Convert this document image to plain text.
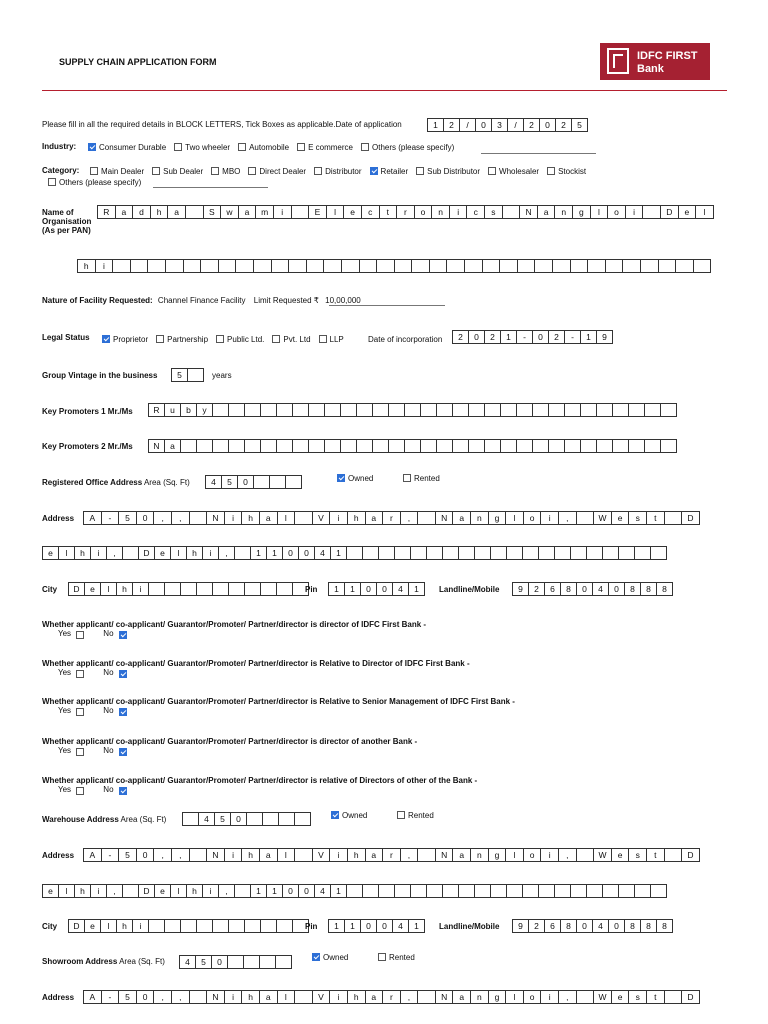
SUPPLY CHAIN APPLICATION FORM	IDFC FIRST
Bank
Please fill in all the required details in BLOCK LETTERS, Tick Boxes as applicable.Date of application	1	2	/	0	3	/	2	0	2	5
Industry:	Consumer Durable Two wheeler Automobile E commerce Others (please specify)
Category:	Main Dealer Sub Dealer MBO Direct Dealer Distributor Retailer Sub Distributor Wholesaler Stockist
Others (please specify)
Name of
Organisation
(As per PAN)
R	a	d	h	a	S	w	a	m	i	E	l	e	c	t	r	o	n	i	c	s	N	a	n	g	l	o	i	D	e	l
h	i
Nature of Facility Requested: Channel Finance Facility Limit Requested ₹ 10,00,000
Legal Status	Proprietor Partnership Public Ltd. Pvt. Ltd LLP	Date of incorporation	2	0	2	1	-	0	2	-	1	9
Group Vintage in the business	5	years
Key Promoters 1 Mr./Ms	R	u	b	y
Key Promoters 2 Mr./Ms	N	a
Registered Office Address Area (Sq. Ft)	4	5	0	Owned	Rented
Address	A	-	5	0	,	,	N	i	h	a	l	V	i	h	a	r	,	N	a	n	g	l	o	i	,	W	e	s	t	D
e	l	h	i	,	D	e	l	h	i	,	1	1	0	0	4	1
City	D	e	l	h	i	Pin	1	1	0	0	4	1	Landline/Mobile	9	2	6	8	0	4	0	8	8	8
Whether applicant/ co-applicant/ Guarantor/Promoter/ Partner/director is director of IDFC First Bank -
Yes	No
Whether applicant/ co-applicant/ Guarantor/Promoter/ Partner/director is Relative to Director of IDFC First Bank -
Yes	No
Whether applicant/ co-applicant/ Guarantor/Promoter/ Partner/director is Relative to Senior Management of IDFC First Bank -
Yes	No
Whether applicant/ co-applicant/ Guarantor/Promoter/ Partner/director is director of another Bank -
Yes	No
Whether applicant/ co-applicant/ Guarantor/Promoter/ Partner/director is relative of Directors of other of the Bank -
Yes	No
Warehouse Address Area (Sq. Ft)	4	5	0	Owned	Rented
Address	A	-	5	0	,	,	N	i	h	a	l	V	i	h	a	r	,	N	a	n	g	l	o	i	,	W	e	s	t	D
e	l	h	i	,	D	e	l	h	i	,	1	1	0	0	4	1
City	D	e	l	h	i	Pin	1	1	0	0	4	1	Landline/Mobile	9	2	6	8	0	4	0	8	8	8
Showroom Address Area (Sq. Ft)	4	5	0	Owned	Rented
Address	A	-	5	0	,	,	N	i	h	a	l	V	i	h	a	r	,	N	a	n	g	l	o	i	,	W	e	s	t	D
